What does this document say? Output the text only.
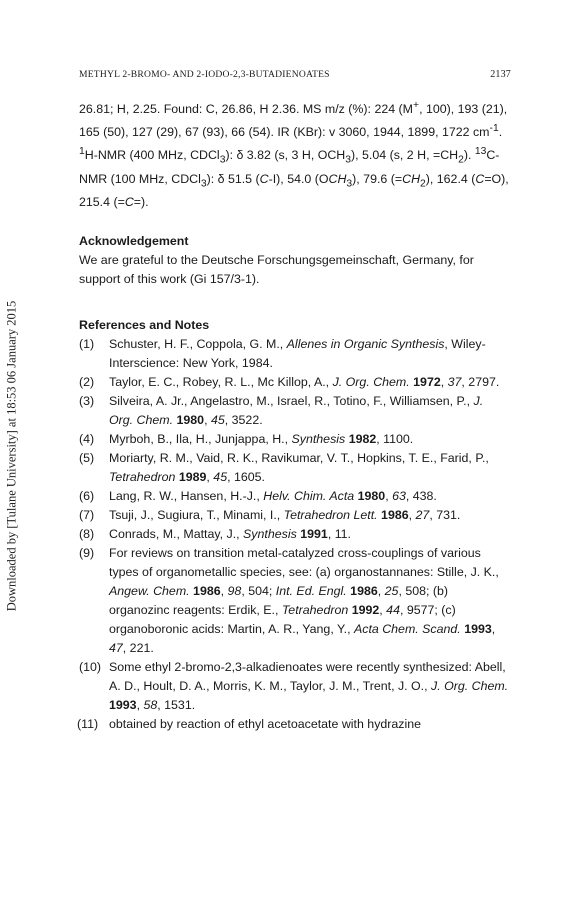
Downloaded by [Tulane University] at 18:53 06 January 2015
METHYL 2-BROMO- AND 2-IODO-2,3-BUTADIENOATES	2137

26.81; H, 2.25. Found: C, 26.86, H 2.36. MS m/z (%): 224 (M+, 100), 193 (21), 165 (50), 127 (29), 67 (93), 66 (54). IR (KBr): v 3060, 1944, 1899, 1722 $cm^{-1}$. $^1$H-NMR (400 MHz, CDCl$_3$): δ 3.82 (s, 3 H, $OCH_3$), 5.04 (s, 2 H, $=CH_2$). $^{13}$C-NMR (100 MHz, CDCl$_3$): δ 51.5 (C-I), 54.0 $(OCH_3)$, 79.6 $(=CH_2)$, 162.4 (C=O), 215.4 (=C=).

Acknowledgement

We are grateful to the Deutsche Forschungsgemeinschaft, Germany, for support of this work (Gi 157/3-1).

References and Notes

(1) Schuster, H. F., Coppola, G. M., Allenes in Organic Synthesis, Wiley-Interscience: New York, 1984.
(2) Taylor, E. C., Robey, R. L., Mc Killop, A., J. Org. Chem. 1972, 37, 2797.
(3) Silveira, A. Jr., Angelastro, M., Israel, R., Totino, F., Williamsen, P., J. Org. Chem. 1980, 45, 3522.
(4) Myrboh, B., Ila, H., Junjappa, H., Synthesis 1982, 1100.
(5) Moriarty, R. M., Vaid, R. K., Ravikumar, V. T., Hopkins, T. E., Farid, P., Tetrahedron 1989, 45, 1605.
(6) Lang, R. W., Hansen, H.-J., Helv. Chim. Acta 1980, 63, 438.
(7) Tsuji, J., Sugiura, T., Minami, I., Tetrahedron Lett. 1986, 27, 731.
(8) Conrads, M., Mattay, J., Synthesis 1991, 11.
(9) For reviews on transition metal-catalyzed cross-couplings of various types of organometallic species, see: (a) organostannanes: Stille, J. K., Angew. Chem. 1986, 98, 504; Int. Ed. Engl. 1986, 25, 508; (b) organozinc reagents: Erdik, E., Tetrahedron 1992, 44, 9577; (c) organoboronic acids: Martin, A. R., Yang, Y., Acta Chem. Scand. 1993, 47, 221.
(10) Some ethyl 2-bromo-2,3-alkadienoates were recently synthesized: Abell, A. D., Hoult, D. A., Morris, K. M., Taylor, J. M., Trent, J. O., J. Org. Chem. 1993, 58, 1531.
(11) obtained by reaction of ethyl acetoacetate with hydrazine
